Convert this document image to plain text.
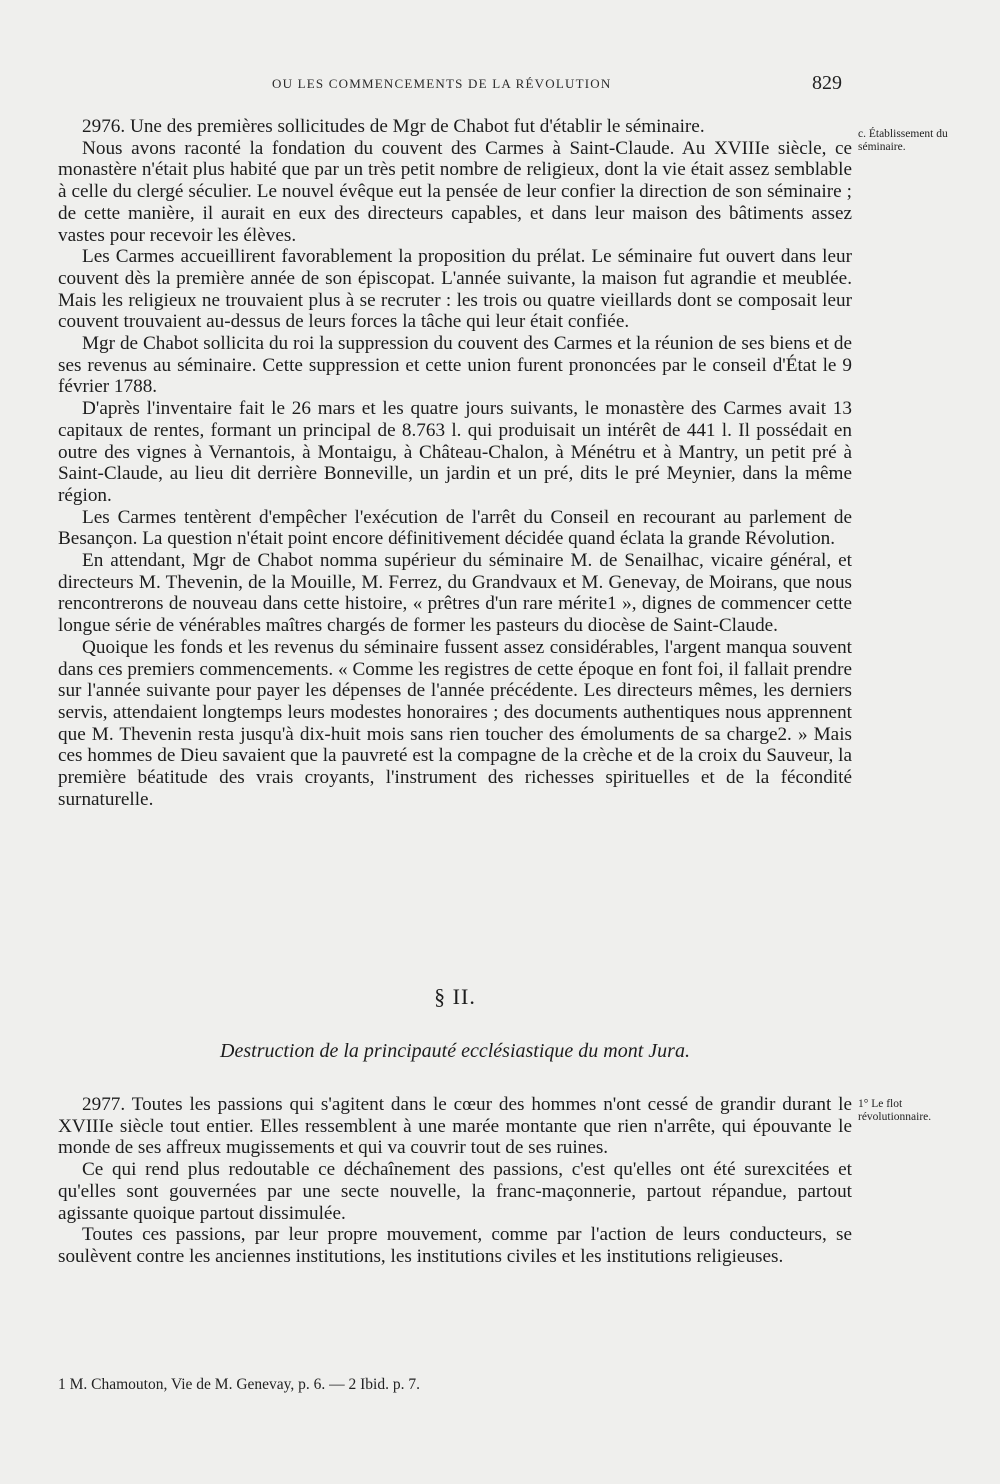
OU LES COMMENCEMENTS DE LA RÉVOLUTION	829
c. Établissement du séminaire.

2976. Une des premières sollicitudes de Mgr de Chabot fut d'établir le séminaire.

Nous avons raconté la fondation du couvent des Carmes à Saint-Claude. Au XVIIIe siècle, ce monastère n'était plus habité que par un très petit nombre de religieux, dont la vie était assez semblable à celle du clergé séculier. Le nouvel évêque eut la pensée de leur confier la direction de son séminaire ; de cette manière, il aurait en eux des directeurs capables, et dans leur maison des bâtiments assez vastes pour recevoir les élèves.

Les Carmes accueillirent favorablement la proposition du prélat. Le séminaire fut ouvert dans leur couvent dès la première année de son épiscopat. L'année suivante, la maison fut agrandie et meublée. Mais les religieux ne trouvaient plus à se recruter : les trois ou quatre vieillards dont se composait leur couvent trouvaient au-dessus de leurs forces la tâche qui leur était confiée.

Mgr de Chabot sollicita du roi la suppression du couvent des Carmes et la réunion de ses biens et de ses revenus au séminaire. Cette suppression et cette union furent prononcées par le conseil d'État le 9 février 1788.

D'après l'inventaire fait le 26 mars et les quatre jours suivants, le monastère des Carmes avait 13 capitaux de rentes, formant un principal de 8.763 l. qui produisait un intérêt de 441 l. Il possédait en outre des vignes à Vernantois, à Montaigu, à Château-Chalon, à Ménétru et à Mantry, un petit pré à Saint-Claude, au lieu dit derrière Bonneville, un jardin et un pré, dits le pré Meynier, dans la même région.

Les Carmes tentèrent d'empêcher l'exécution de l'arrêt du Conseil en recourant au parlement de Besançon. La question n'était point encore définitivement décidée quand éclata la grande Révolution.

En attendant, Mgr de Chabot nomma supérieur du séminaire M. de Senailhac, vicaire général, et directeurs M. Thevenin, de la Mouille, M. Ferrez, du Grandvaux et M. Genevay, de Moirans, que nous rencontrerons de nouveau dans cette histoire, « prêtres d'un rare mérite1 », dignes de commencer cette longue série de vénérables maîtres chargés de former les pasteurs du diocèse de Saint-Claude.

Quoique les fonds et les revenus du séminaire fussent assez considérables, l'argent manqua souvent dans ces premiers commencements. « Comme les registres de cette époque en font foi, il fallait prendre sur l'année suivante pour payer les dépenses de l'année précédente. Les directeurs mêmes, les derniers servis, attendaient longtemps leurs modestes honoraires ; des documents authentiques nous apprennent que M. Thevenin resta jusqu'à dix-huit mois sans rien toucher des émoluments de sa charge2. » Mais ces hommes de Dieu savaient que la pauvreté est la compagne de la crèche et de la croix du Sauveur, la première béatitude des vrais croyants, l'instrument des richesses spirituelles et de la fécondité surnaturelle.

§ II.
Destruction de la principauté ecclésiastique du mont Jura.
1° Le flot révolutionnaire.

2977. Toutes les passions qui s'agitent dans le cœur des hommes n'ont cessé de grandir durant le XVIIIe siècle tout entier. Elles ressemblent à une marée montante que rien n'arrête, qui épouvante le monde de ses affreux mugissements et qui va couvrir tout de ses ruines.

Ce qui rend plus redoutable ce déchaînement des passions, c'est qu'elles ont été surexcitées et qu'elles sont gouvernées par une secte nouvelle, la franc-maçonnerie, partout répandue, partout agissante quoique partout dissimulée.

Toutes ces passions, par leur propre mouvement, comme par l'action de leurs conducteurs, se soulèvent contre les anciennes institutions, les institutions civiles et les institutions religieuses.

1 M. Chamouton, Vie de M. Genevay, p. 6. — 2 Ibid. p. 7.
